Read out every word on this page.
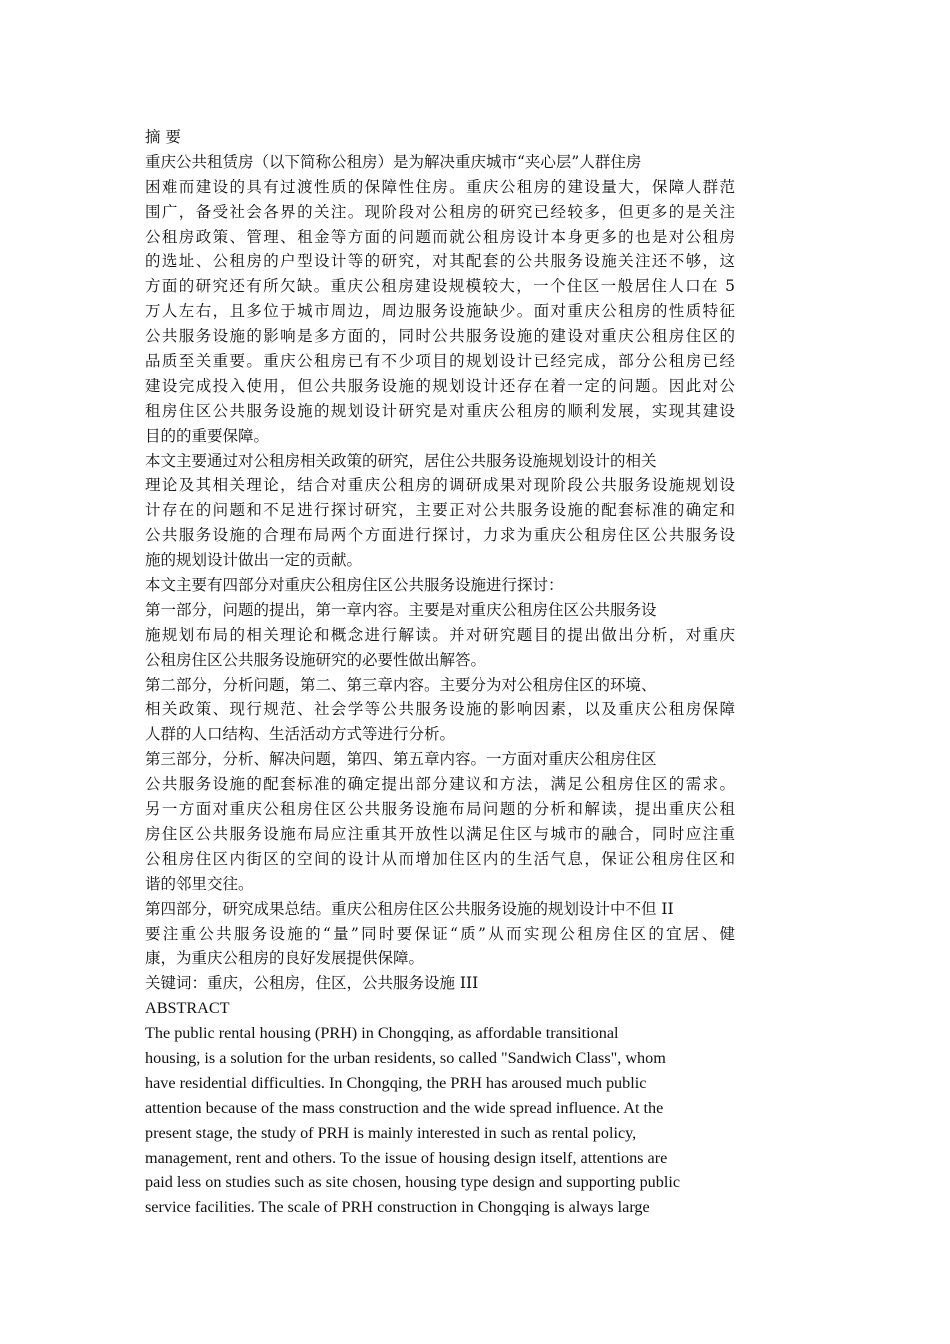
摘 要
重庆公共租赁房（以下简称公租房）是为解决重庆城市“夹心层”人群住房
困难而建设的具有过渡性质的保障性住房。重庆公租房的建设量大，保障人群范
围广，备受社会各界的关注。现阶段对公租房的研究已经较多，但更多的是关注
公租房政策、管理、租金等方面的问题而就公租房设计本身更多的也是对公租房
的选址、公租房的户型设计等的研究，对其配套的公共服务设施关注还不够，这
方面的研究还有所欠缺。重庆公租房建设规模较大，一个住区一般居住人口在 5
万人左右，且多位于城市周边，周边服务设施缺少。面对重庆公租房的性质特征
公共服务设施的影响是多方面的，同时公共服务设施的建设对重庆公租房住区的
品质至关重要。重庆公租房已有不少项目的规划设计已经完成，部分公租房已经
建设完成投入使用，但公共服务设施的规划设计还存在着一定的问题。因此对公
租房住区公共服务设施的规划设计研究是对重庆公租房的顺利发展，实现其建设
目的的重要保障。
本文主要通过对公租房相关政策的研究，居住公共服务设施规划设计的相关
理论及其相关理论，结合对重庆公租房的调研成果对现阶段公共服务设施规划设
计存在的问题和不足进行探讨研究，主要正对公共服务设施的配套标准的确定和
公共服务设施的合理布局两个方面进行探讨，力求为重庆公租房住区公共服务设
施的规划设计做出一定的贡献。
本文主要有四部分对重庆公租房住区公共服务设施进行探讨：
第一部分，问题的提出，第一章内容。主要是对重庆公租房住区公共服务设
施规划布局的相关理论和概念进行解读。并对研究题目的提出做出分析，对重庆
公租房住区公共服务设施研究的必要性做出解答。
第二部分，分析问题，第二、第三章内容。主要分为对公租房住区的环境、
相关政策、现行规范、社会学等公共服务设施的影响因素，以及重庆公租房保障
人群的人口结构、生活活动方式等进行分析。
第三部分，分析、解决问题，第四、第五章内容。一方面对重庆公租房住区
公共服务设施的配套标准的确定提出部分建议和方法，满足公租房住区的需求。
另一方面对重庆公租房住区公共服务设施布局问题的分析和解读，提出重庆公租
房住区公共服务设施布局应注重其开放性以满足住区与城市的融合，同时应注重
公租房住区内街区的空间的设计从而增加住区内的生活气息，保证公租房住区和
谐的邻里交往。
第四部分，研究成果总结。重庆公租房住区公共服务设施的规划设计中不但 II
要注重公共服务设施的“量”同时要保证“质”从而实现公租房住区的宜居、健
康，为重庆公租房的良好发展提供保障。
关键词：重庆，公租房，住区，公共服务设施 III
ABSTRACT
The public rental housing (PRH) in Chongqing, as affordable transitional
housing, is a solution for the urban residents, so called "Sandwich Class", whom
have residential difficulties. In Chongqing, the PRH has aroused much public
attention because of the mass construction and the wide spread influence. At the
present stage, the study of PRH is mainly interested in such as rental policy,
management, rent and others. To the issue of housing design itself, attentions are
paid less on studies such as site chosen, housing type design and supporting public
service facilities. The scale of PRH construction in Chongqing is always large
